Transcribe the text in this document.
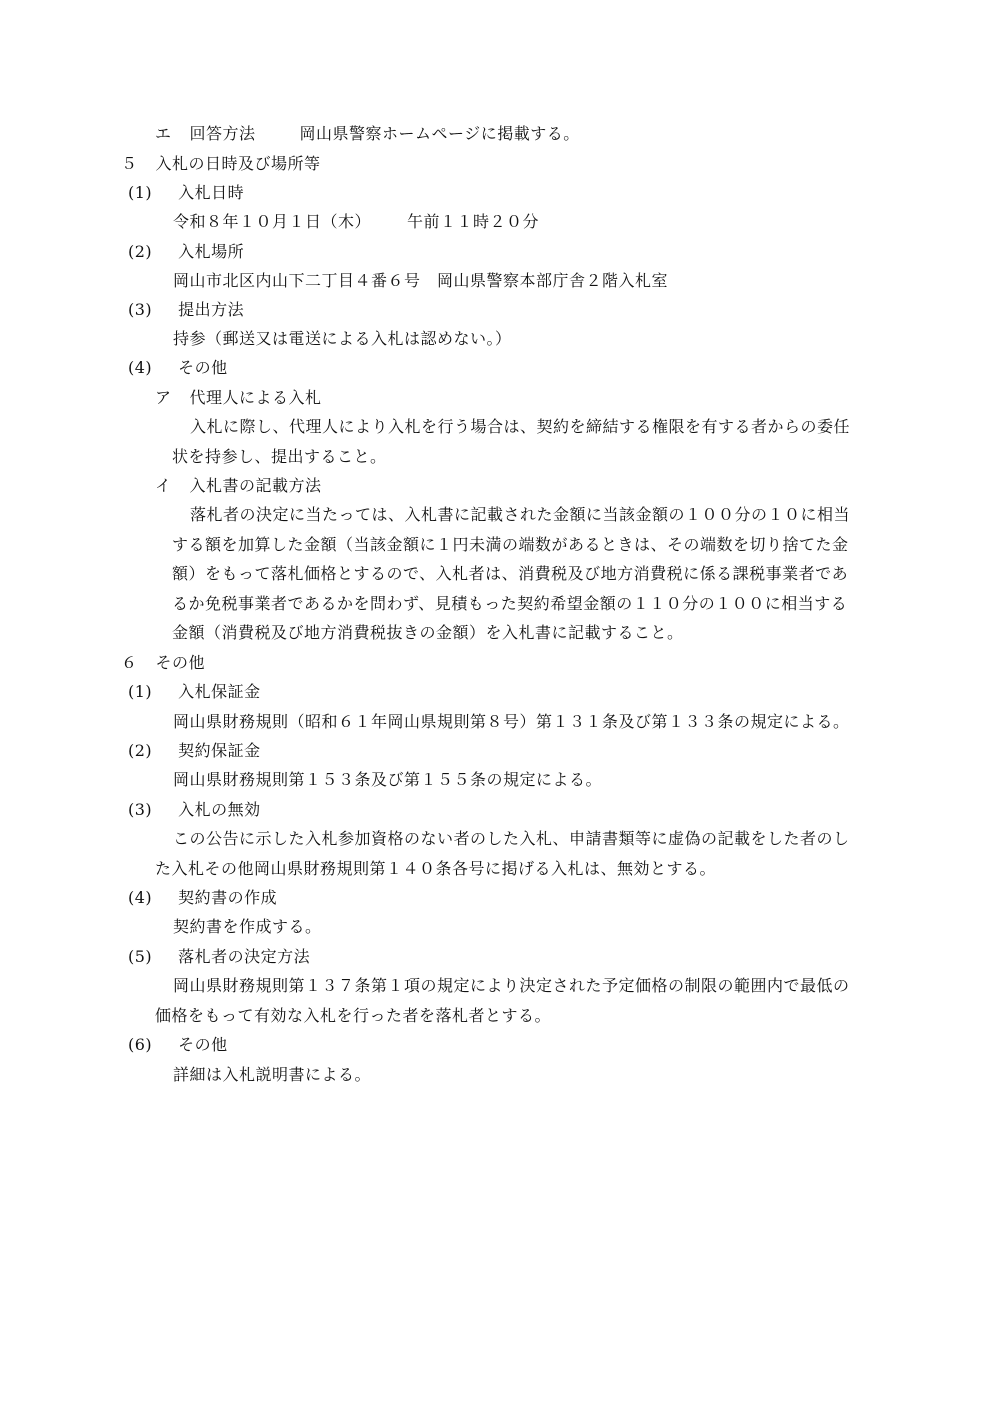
エ 回答方法	岡山県警察ホームページに掲載する。
５ 入札の日時及び場所等
(1) 入札日時
令和８年１０月１日（木） 午前１１時２０分
(2) 入札場所
岡山市北区内山下二丁目４番６号　岡山県警察本部庁舎２階入札室
(3) 提出方法
持参（郵送又は電送による入札は認めない。）
(4) その他
ア 代理人による入札
入札に際し、代理人により入札を行う場合は、契約を締結する権限を有する者からの委任
状を持参し、提出すること。
イ 入札書の記載方法
落札者の決定に当たっては、入札書に記載された金額に当該金額の１００分の１０に相当
する額を加算した金額（当該金額に１円未満の端数があるときは、その端数を切り捨てた金
額）をもって落札価格とするので、入札者は、消費税及び地方消費税に係る課税事業者であ
るか免税事業者であるかを問わず、見積もった契約希望金額の１１０分の１００に相当する
金額（消費税及び地方消費税抜きの金額）を入札書に記載すること。
６ その他
(1) 入札保証金
岡山県財務規則（昭和６１年岡山県規則第８号）第１３１条及び第１３３条の規定による。
(2) 契約保証金
岡山県財務規則第１５３条及び第１５５条の規定による。
(3) 入札の無効
この公告に示した入札参加資格のない者のした入札、申請書類等に虚偽の記載をした者のし
た入札その他岡山県財務規則第１４０条各号に掲げる入札は、無効とする。
(4) 契約書の作成
契約書を作成する。
(5) 落札者の決定方法
岡山県財務規則第１３７条第１項の規定により決定された予定価格の制限の範囲内で最低の
価格をもって有効な入札を行った者を落札者とする。
(6) その他
詳細は入札説明書による。
